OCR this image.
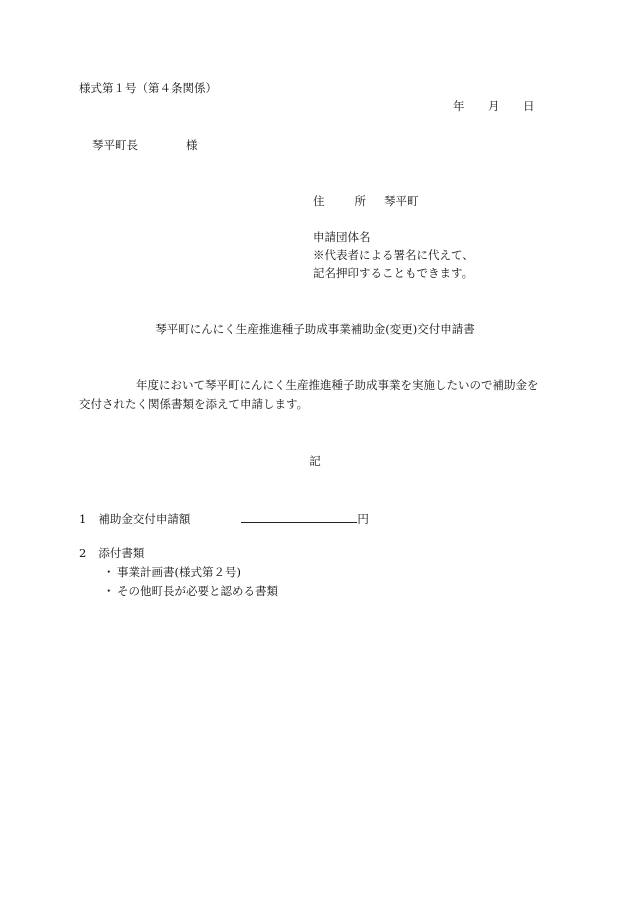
様式第１号（第４条関係）
年 月 日
琴平町長	様
住	所 琴平町
申請団体名
※代表者による署名に代えて、
記名押印することもできます。
琴平町にんにく生産推進種子助成事業補助金(変更)交付申請書
年度において琴平町にんにく生産推進種子助成事業を実施したいので補助金を
交付されたく関係書類を添えて申請します。
記
1 補助金交付申請額	円
2 添付書類
・ 事業計画書(様式第２号)
・ その他町長が必要と認める書類
